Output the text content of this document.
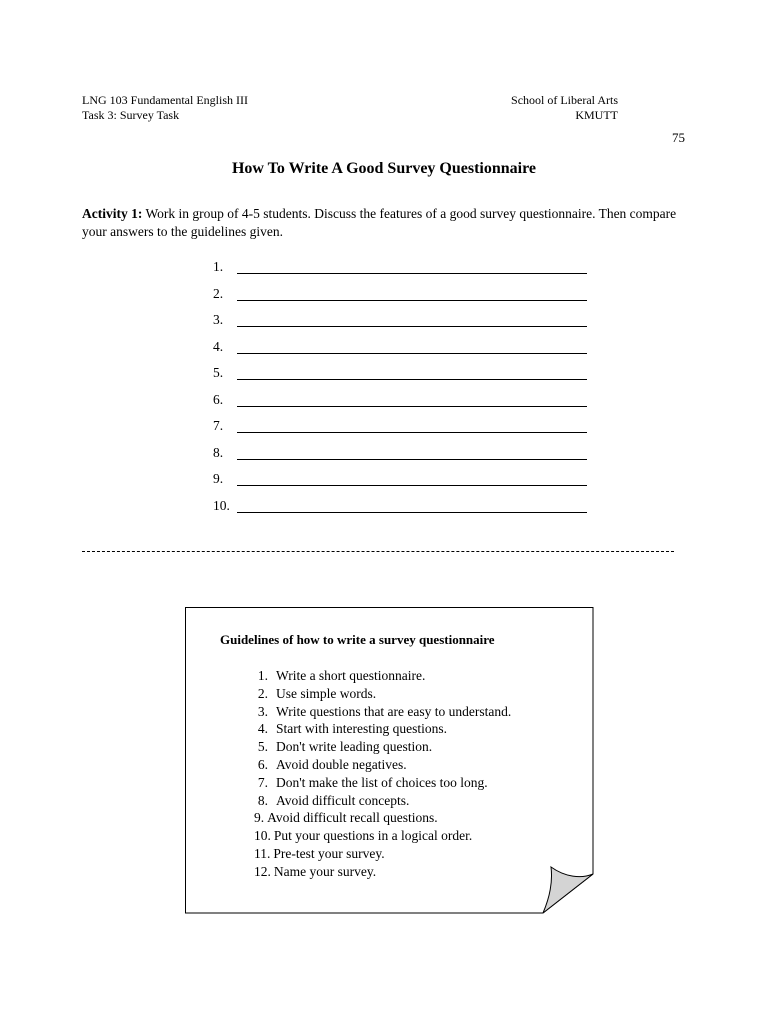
LNG 103 Fundamental English III
Task 3: Survey Task
School of Liberal Arts
KMUTT
75
How To Write A Good Survey Questionnaire
Activity 1: Work in group of 4-5 students. Discuss the features of a good survey questionnaire. Then compare your answers to the guidelines given.
1.
2.
3.
4.
5.
6.
7.
8.
9.
10.
Guidelines of how to write a survey questionnaire
1. Write a short questionnaire.
2. Use simple words.
3. Write questions that are easy to understand.
4. Start with interesting questions.
5. Don't write leading question.
6. Avoid double negatives.
7. Don't make the list of choices too long.
8. Avoid difficult concepts.
9. Avoid difficult recall questions.
10. Put your questions in a logical order.
11. Pre-test your survey.
12. Name your survey.
